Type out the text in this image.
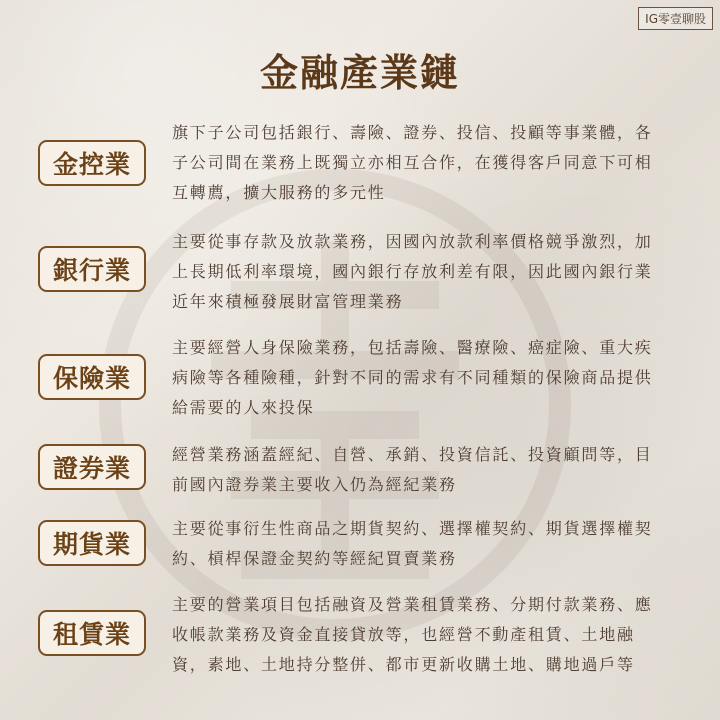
IG零壹聊股
金融產業鏈
金控業
旗下子公司包括銀行、壽險、證券、投信、投顧等事業體，各
子公司間在業務上既獨立亦相互合作，在獲得客戶同意下可相
互轉薦，擴大服務的多元性
銀行業
主要從事存款及放款業務，因國內放款利率價格競爭激烈，加
上長期低利率環境，國內銀行存放利差有限，因此國內銀行業
近年來積極發展財富管理業務
保險業
主要經營人身保險業務，包括壽險、醫療險、癌症險、重大疾
病險等各種險種，針對不同的需求有不同種類的保險商品提供
給需要的人來投保
證券業	經營業務涵蓋經紀、自營、承銷、投資信託、投資顧問等，目
前國內證券業主要收入仍為經紀業務
期貨業
主要從事衍生性商品之期貨契約、選擇權契約、期貨選擇權契
約、槓桿保證金契約等經紀買賣業務
租賃業
主要的營業項目包括融資及營業租賃業務、分期付款業務、應
收帳款業務及資金直接貸放等，也經營不動產租賃、土地融
資，素地、土地持分整併、都市更新收購土地、購地過戶等
